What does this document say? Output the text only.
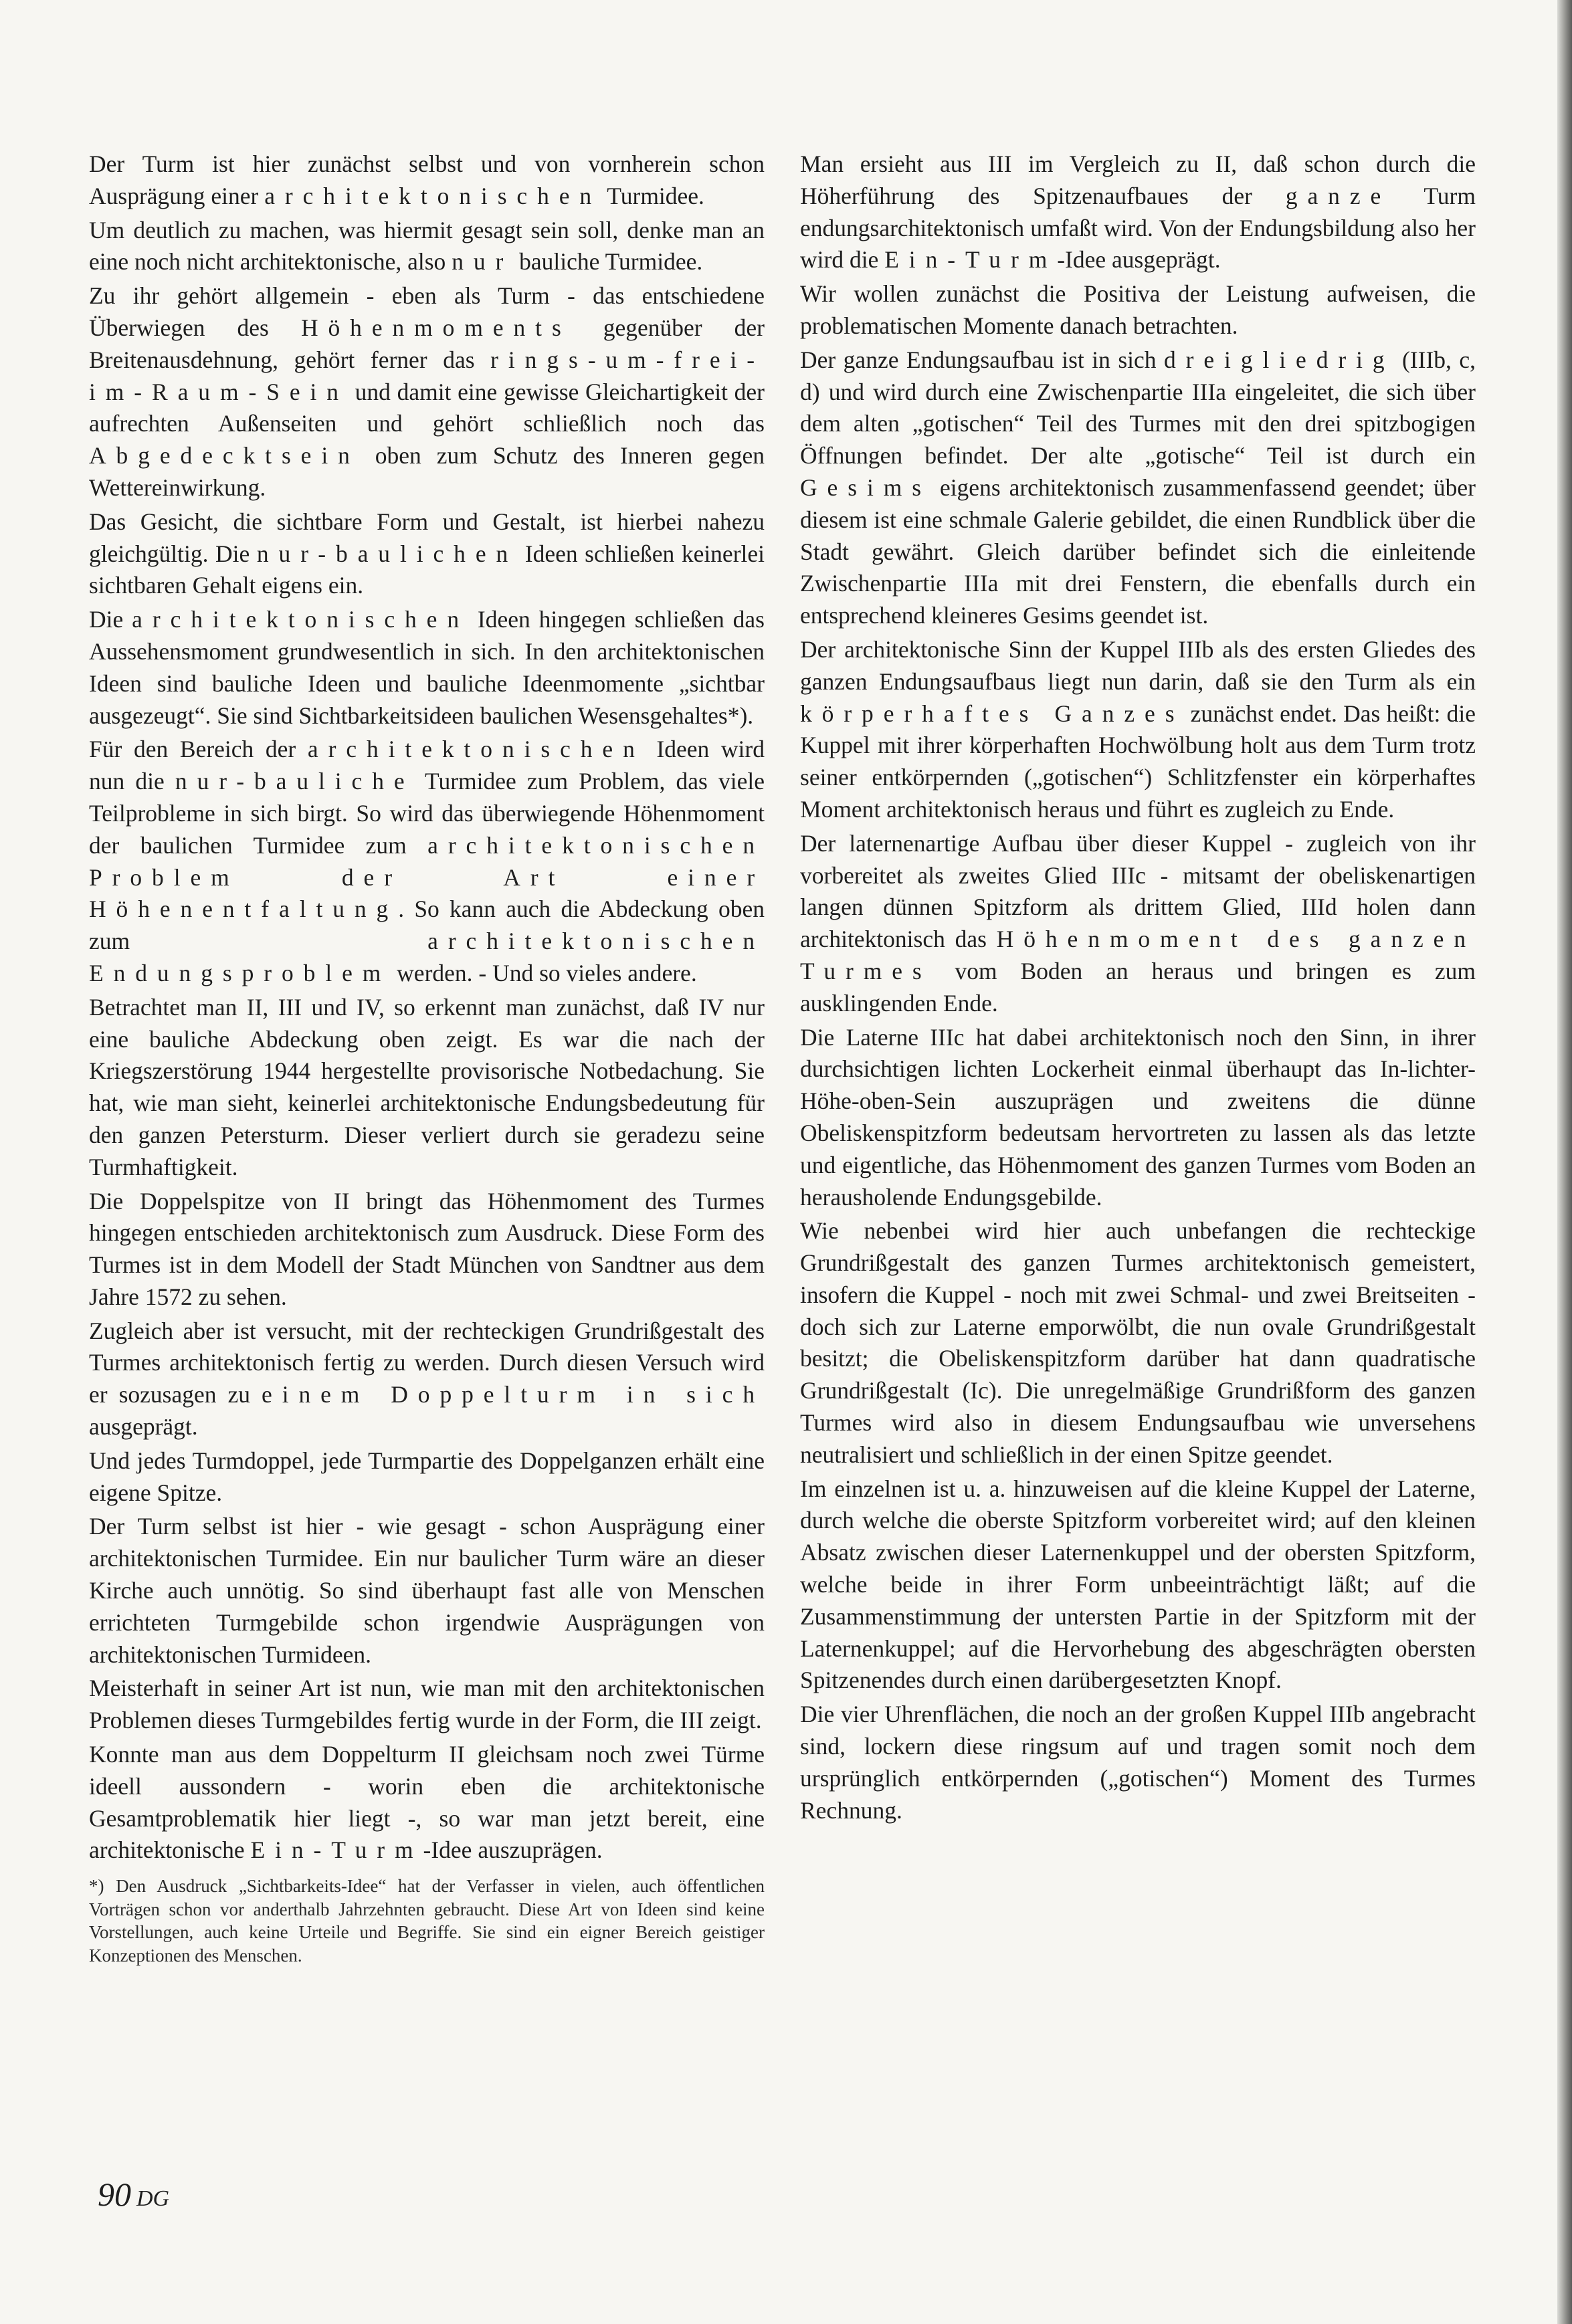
Der Turm ist hier zunächst selbst und von vornherein schon Ausprägung einer architektonischen Turmidee.

Um deutlich zu machen, was hiermit gesagt sein soll, denke man an eine noch nicht architektonische, also nur bauliche Turmidee.

Zu ihr gehört allgemein - eben als Turm - das entschiedene Überwiegen des Höhenmoments gegenüber der Breitenausdehnung, gehört ferner das rings-um-frei-im-Raum-Sein und damit eine gewisse Gleichartigkeit der aufrechten Außenseiten und gehört schließlich noch das Abgedecktsein oben zum Schutz des Inneren gegen Wettereinwirkung.

Das Gesicht, die sichtbare Form und Gestalt, ist hierbei nahezu gleichgültig. Die nur-baulichen Ideen schließen keinerlei sichtbaren Gehalt eigens ein.

Die architektonischen Ideen hingegen schließen das Aussehensmoment grundwesentlich in sich. In den architektonischen Ideen sind bauliche Ideen und bauliche Ideenmomente „sichtbar ausgezeugt“. Sie sind Sichtbarkeitsideen baulichen Wesensgehaltes*).

Für den Bereich der architektonischen Ideen wird nun die nur-bauliche Turmidee zum Problem, das viele Teilprobleme in sich birgt. So wird das überwiegende Höhenmoment der baulichen Turmidee zum architektonischen Problem der Art einer Höhenentfaltung. So kann auch die Abdeckung oben zum architektonischen Endungsproblem werden. - Und so vieles andere.

Betrachtet man II, III und IV, so erkennt man zunächst, daß IV nur eine bauliche Abdeckung oben zeigt. Es war die nach der Kriegszerstörung 1944 hergestellte provisorische Notbedachung. Sie hat, wie man sieht, keinerlei architektonische Endungsbedeutung für den ganzen Petersturm. Dieser verliert durch sie geradezu seine Turmhaftigkeit.

Die Doppelspitze von II bringt das Höhenmoment des Turmes hingegen entschieden architektonisch zum Ausdruck. Diese Form des Turmes ist in dem Modell der Stadt München von Sandtner aus dem Jahre 1572 zu sehen.

Zugleich aber ist versucht, mit der rechteckigen Grundrißgestalt des Turmes architektonisch fertig zu werden. Durch diesen Versuch wird er sozusagen zu einem Doppelturm in sich ausgeprägt.

Und jedes Turmdoppel, jede Turmpartie des Doppelganzen erhält eine eigene Spitze.

Der Turm selbst ist hier - wie gesagt - schon Ausprägung einer architektonischen Turmidee. Ein nur baulicher Turm wäre an dieser Kirche auch unnötig. So sind überhaupt fast alle von Menschen errichteten Turmgebilde schon irgendwie Ausprägungen von architektonischen Turmideen.

Meisterhaft in seiner Art ist nun, wie man mit den architektonischen Problemen dieses Turmgebildes fertig wurde in der Form, die III zeigt.

Konnte man aus dem Doppelturm II gleichsam noch zwei Türme ideell aussondern - worin eben die architektonische Gesamtproblematik hier liegt -, so war man jetzt bereit, eine architektonische Ein-Turm-Idee auszuprägen.

*) Den Ausdruck „Sichtbarkeits-Idee“ hat der Verfasser in vielen, auch öffentlichen Vorträgen schon vor anderthalb Jahrzehnten gebraucht. Diese Art von Ideen sind keine Vorstellungen, auch keine Urteile und Begriffe. Sie sind ein eigner Bereich geistiger Konzeptionen des Menschen.

Man ersieht aus III im Vergleich zu II, daß schon durch die Höherführung des Spitzenaufbaues der ganze Turm endungsarchitektonisch umfaßt wird. Von der Endungsbildung also her wird die Ein-Turm-Idee ausgeprägt.

Wir wollen zunächst die Positiva der Leistung aufweisen, die problematischen Momente danach betrachten.

Der ganze Endungsaufbau ist in sich dreigliedrig (IIIb, c, d) und wird durch eine Zwischenpartie IIIa eingeleitet, die sich über dem alten „gotischen“ Teil des Turmes mit den drei spitzbogigen Öffnungen befindet. Der alte „gotische“ Teil ist durch ein Gesims eigens architektonisch zusammenfassend geendet; über diesem ist eine schmale Galerie gebildet, die einen Rundblick über die Stadt gewährt. Gleich darüber befindet sich die einleitende Zwischenpartie IIIa mit drei Fenstern, die ebenfalls durch ein entsprechend kleineres Gesims geendet ist.

Der architektonische Sinn der Kuppel IIIb als des ersten Gliedes des ganzen Endungsaufbaus liegt nun darin, daß sie den Turm als ein körperhaftes Ganzes zunächst endet. Das heißt: die Kuppel mit ihrer körperhaften Hochwölbung holt aus dem Turm trotz seiner entkörpernden („gotischen“) Schlitzfenster ein körperhaftes Moment architektonisch heraus und führt es zugleich zu Ende.

Der laternenartige Aufbau über dieser Kuppel - zugleich von ihr vorbereitet als zweites Glied IIIc - mitsamt der obeliskenartigen langen dünnen Spitzform als drittem Glied, IIId holen dann architektonisch das Höhenmoment des ganzen Turmes vom Boden an heraus und bringen es zum ausklingenden Ende.

Die Laterne IIIc hat dabei architektonisch noch den Sinn, in ihrer durchsichtigen lichten Lockerheit einmal überhaupt das In-lichter-Höhe-oben-Sein auszuprägen und zweitens die dünne Obeliskenspitzform bedeutsam hervortreten zu lassen als das letzte und eigentliche, das Höhenmoment des ganzen Turmes vom Boden an herausholende Endungsgebilde.

Wie nebenbei wird hier auch unbefangen die rechteckige Grundrißgestalt des ganzen Turmes architektonisch gemeistert, insofern die Kuppel - noch mit zwei Schmal- und zwei Breitseiten - doch sich zur Laterne emporwölbt, die nun ovale Grundrißgestalt besitzt; die Obeliskenspitzform darüber hat dann quadratische Grundrißgestalt (Ic). Die unregelmäßige Grundrißform des ganzen Turmes wird also in diesem Endungsaufbau wie unversehens neutralisiert und schließlich in der einen Spitze geendet.

Im einzelnen ist u. a. hinzuweisen auf die kleine Kuppel der Laterne, durch welche die oberste Spitzform vorbereitet wird; auf den kleinen Absatz zwischen dieser Laternenkuppel und der obersten Spitzform, welche beide in ihrer Form unbeeinträchtigt läßt; auf die Zusammenstimmung der untersten Partie in der Spitzform mit der Laternenkuppel; auf die Hervorhebung des abgeschrägten obersten Spitzenendes durch einen darübergesetzten Knopf.

Die vier Uhrenflächen, die noch an der großen Kuppel IIIb angebracht sind, lockern diese ringsum auf und tragen somit noch dem ursprünglich entkörpernden („gotischen“) Moment des Turmes Rechnung.

90 DG
